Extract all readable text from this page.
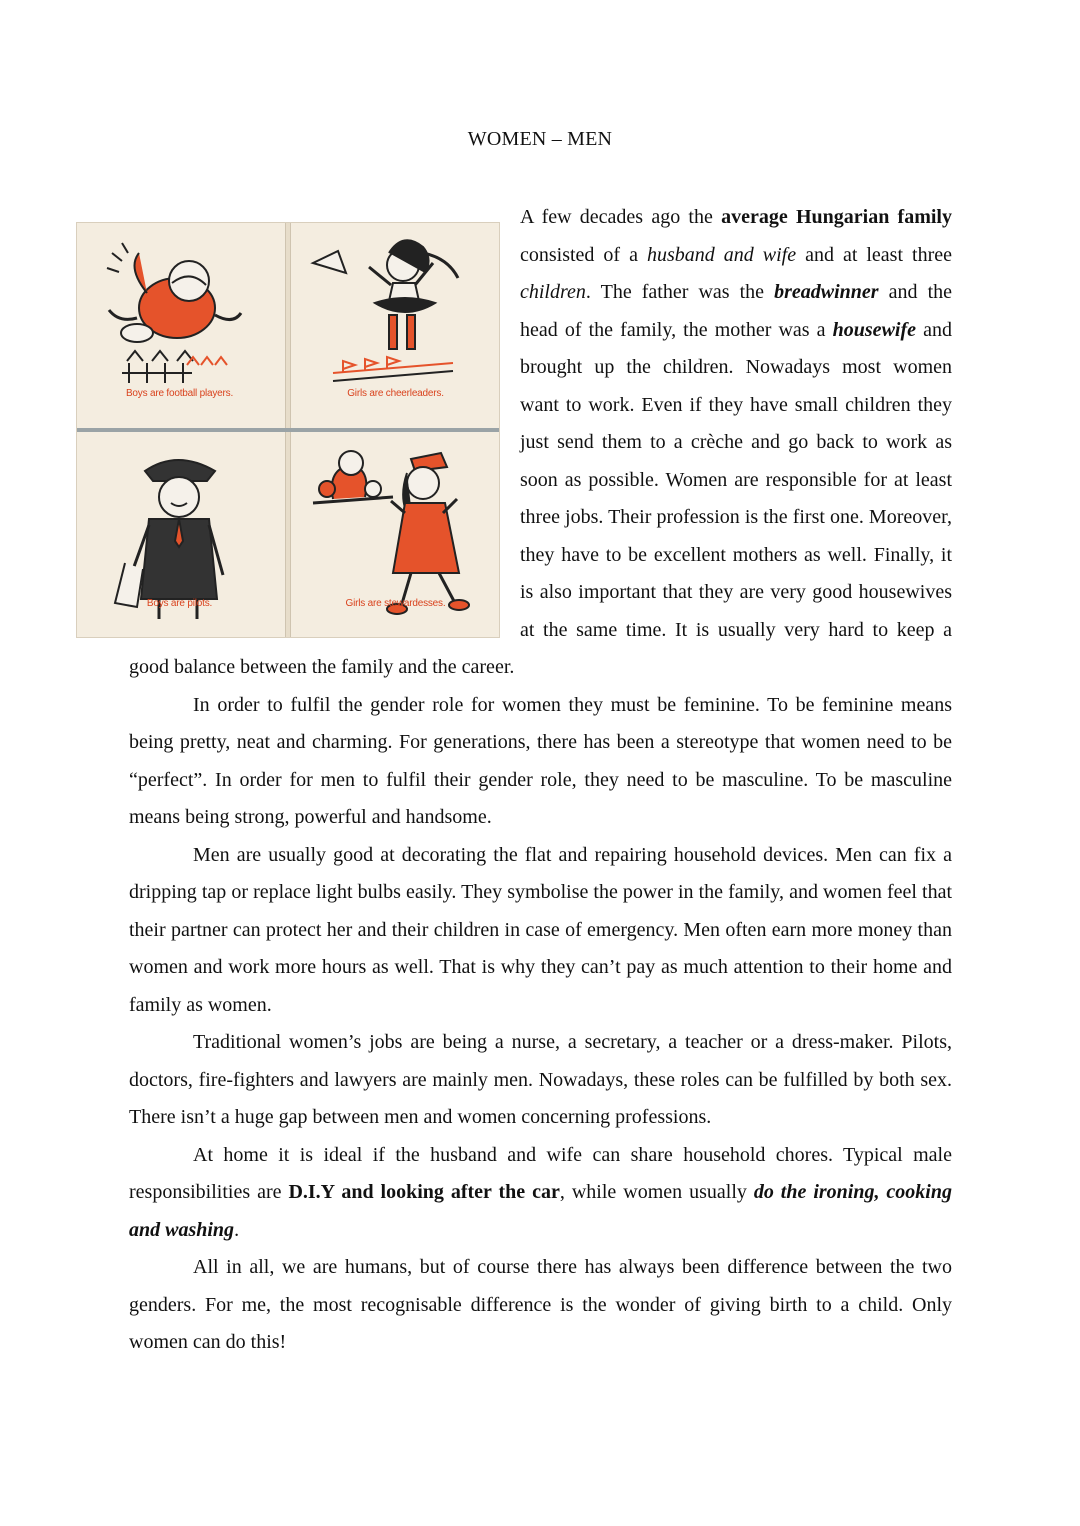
WOMEN – MEN
Boys are football players.	Girls are cheerleaders.
Boys are pilots.	Girls are stewardesses.

A few decades ago the average Hungarian family consisted of a husband and wife and at least three children. The father was the breadwinner and the head of the family, the mother was a housewife and brought up the children. Nowadays most women want to work. Even if they have small children they just send them to a crèche and go back to work as soon as possible. Women are responsible for at least three jobs. Their profession is the first one. Moreover, they have to be excellent mothers as well. Finally, it is also important that they are very good housewives at the same time. It is usually very hard to keep a good balance between the family and the career.

In order to fulfil the gender role for women they must be feminine. To be feminine means being pretty, neat and charming. For generations, there has been a stereotype that women need to be “perfect”. In order for men to fulfil their gender role, they need to be masculine. To be masculine means being strong, powerful and handsome.

Men are usually good at decorating the flat and repairing household devices. Men can fix a dripping tap or replace light bulbs easily. They symbolise the power in the family, and women feel that their partner can protect her and their children in case of emergency. Men often earn more money than women and work more hours as well. That is why they can’t pay as much attention to their home and family as women.

Traditional women’s jobs are being a nurse, a secretary, a teacher or a dress-maker. Pilots, doctors, fire-fighters and lawyers are mainly men. Nowadays, these roles can be fulfilled by both sex. There isn’t a huge gap between men and women concerning professions.

At home it is ideal if the husband and wife can share household chores. Typical male responsibilities are D.I.Y and looking after the car, while women usually do the ironing, cooking and washing.

All in all, we are humans, but of course there has always been difference between the two genders. For me, the most recognisable difference is the wonder of giving birth to a child. Only women can do this!
